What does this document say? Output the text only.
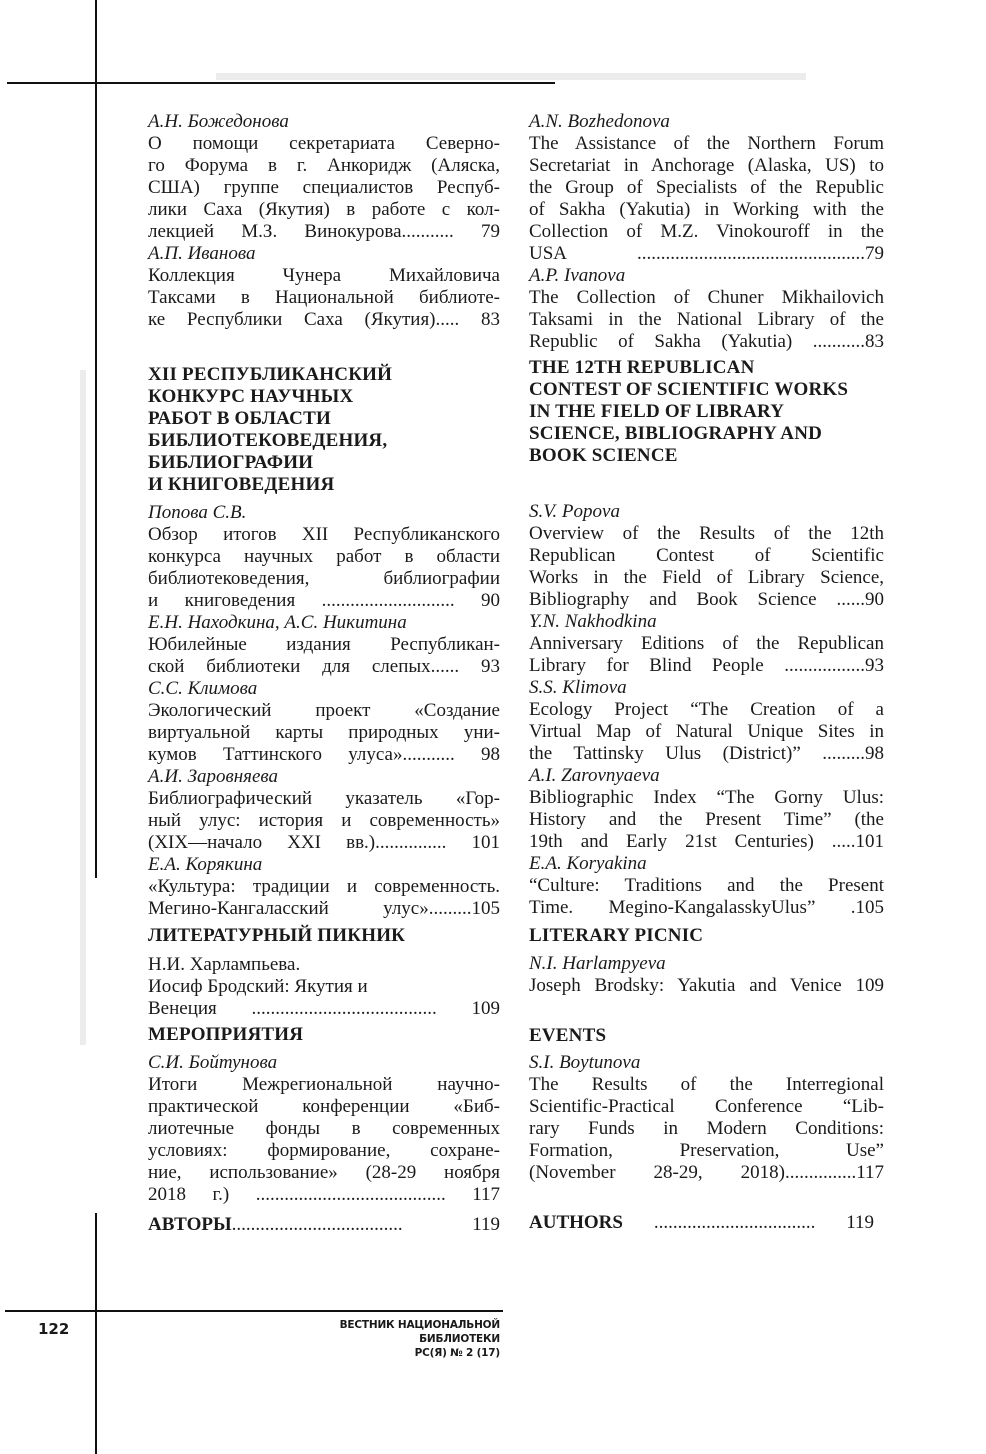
А.Н. Божедонова
О помощи секретариата Северно-
го Форума в г. Анкоридж (Аляска,
США) группе специалистов Респуб-
лики Саха (Якутия) в работе с кол-
лекцией М.З. Винокурова........... 79
А.П. Иванова
Коллекция Чунера Михайловича
Таксами в Национальной библиоте-
ке Республики Саха (Якутия)..... 83
XII РЕСПУБЛИКАНСКИЙ
КОНКУРС НАУЧНЫХ
РАБОТ В ОБЛАСТИ
БИБЛИОТЕКОВЕДЕНИЯ,
БИБЛИОГРАФИИ
И КНИГОВЕДЕНИЯ
Попова С.В.
Обзор итогов XII Республиканского
конкурса научных работ в области
библиотековедения, библиографии
и книговедения ............................ 90
Е.Н. Находкина, А.С. Никитина
Юбилейные издания Республикан-
ской библиотеки для слепых...... 93
С.С. Климова
Экологический проект «Создание
виртуальной карты природных уни-
кумов Таттинского улуса»........... 98
А.И. Заровняева
Библиографический указатель «Гор-
ный улус: история и современность»
(XIX—начало XXI вв.)............... 101
Е.А. Корякина
«Культура: традиции и современность.
Мегино-Кангаласский улус».........105
ЛИТЕРАТУРНЫЙ ПИКНИК
Н.И. Харлампьева.
Иосиф Бродский: Якутия и
Венеция ....................................... 109
МЕРОПРИЯТИЯ
С.И. Бойтунова
Итоги Межрегиональной научно-
практической конференции «Биб-
лиотечные фонды в современных
условиях: формирование, сохране-
ние, использование» (28-29 ноября
2018 г.) ........................................ 117
АВТОРЫ.................................... 119
A.N. Bozhedonova
The Assistance of the Northern Forum
Secretariat in Anchorage (Alaska, US) to
the Group of Specialists of the Republic
of Sakha (Yakutia) in Working with the
Collection of M.Z. Vinokouroff in the
USA ................................................79
A.P. Ivanova
The Collection of Chuner Mikhailovich
Taksami in the National Library of the
Republic of Sakha (Yakutia) ...........83
THE 12TH REPUBLICAN
CONTEST OF SCIENTIFIC WORKS
IN THE FIELD OF LIBRARY
SCIENCE, BIBLIOGRAPHY AND
BOOK SCIENCE
S.V. Popova
Overview of the Results of the 12th
Republican Contest of Scientific
Works in the Field of Library Science,
Bibliography and Book Science ......90
Y.N. Nakhodkina
Anniversary Editions of the Republican
Library for Blind People .................93
S.S. Klimova
Ecology Project “The Creation of a
Virtual Map of Natural Unique Sites in
the Tattinsky Ulus (District)” .........98
A.I. Zarovnyaeva
Bibliographic Index “The Gorny Ulus:
History and the Present Time” (the
19th and Early 21st Centuries) .....101
E.A. Koryakina
“Culture: Traditions and the Present
Time. Megino-KangalasskyUlus” .105
LITERARY PICNIC
N.I. Harlampyeva
Joseph Brodsky: Yakutia and Venice 109
EVENTS
S.I. Boytunova
The Results of the Interregional
Scientific-Practical Conference “Lib-
rary Funds in Modern Conditions:
Formation, Preservation, Use”
(November 28-29, 2018)...............117
AUTHORS .................................. 119
122	ВЕСТНИК НАЦИОНАЛЬНОЙ
БИБЛИОТЕКИ
РС(Я) № 2 (17)
